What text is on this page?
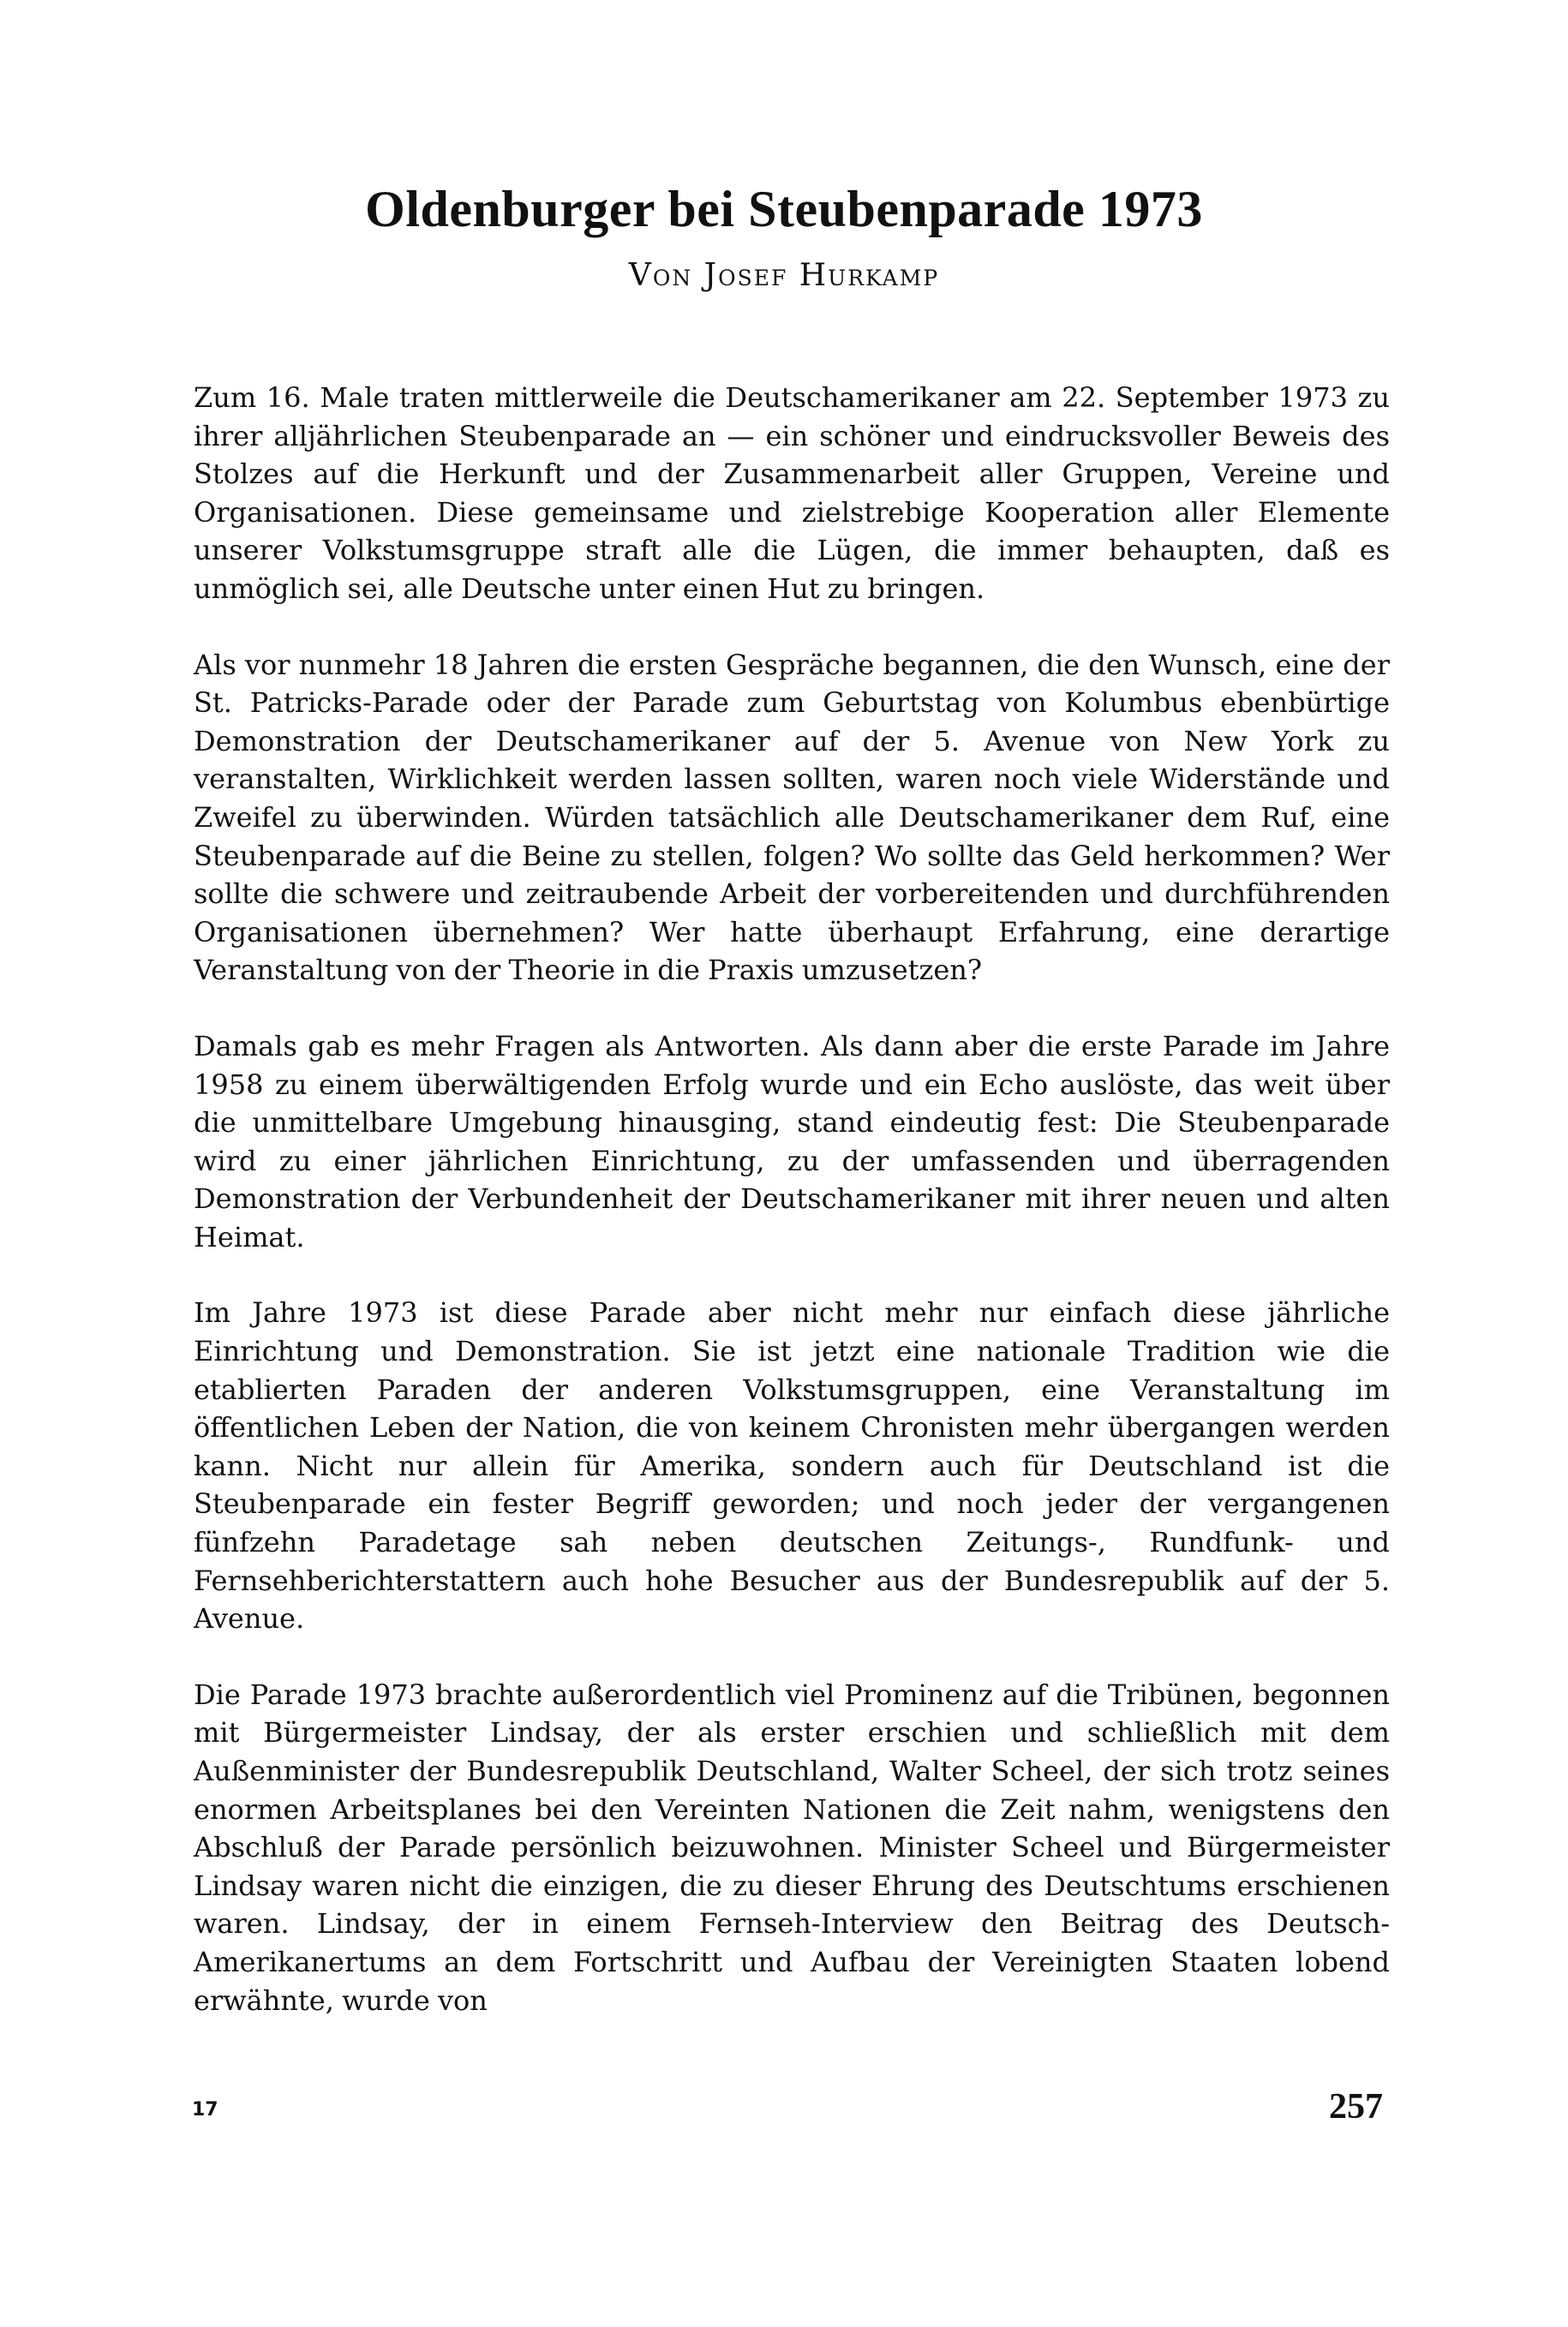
Oldenburger bei Steubenparade 1973
Von Josef Hurkamp

Zum 16. Male traten mittlerweile die Deutschamerikaner am 22. September 1973 zu ihrer alljährlichen Steubenparade an — ein schöner und eindrucksvoller Beweis des Stolzes auf die Herkunft und der Zusammenarbeit aller Gruppen, Vereine und Organisationen. Diese gemeinsame und zielstrebige Kooperation aller Elemente unserer Volkstumsgruppe straft alle die Lügen, die immer behaupten, daß es unmöglich sei, alle Deutsche unter einen Hut zu bringen.

Als vor nunmehr 18 Jahren die ersten Gespräche begannen, die den Wunsch, eine der St. Patricks-Parade oder der Parade zum Geburtstag von Kolumbus ebenbürtige Demonstration der Deutschamerikaner auf der 5. Avenue von New York zu veranstalten, Wirklichkeit werden lassen sollten, waren noch viele Widerstände und Zweifel zu überwinden. Würden tatsächlich alle Deutschamerikaner dem Ruf, eine Steubenparade auf die Beine zu stellen, folgen? Wo sollte das Geld herkommen? Wer sollte die schwere und zeitraubende Arbeit der vorbereitenden und durchführenden Organisationen übernehmen? Wer hatte überhaupt Erfahrung, eine derartige Veranstaltung von der Theorie in die Praxis umzusetzen?

Damals gab es mehr Fragen als Antworten. Als dann aber die erste Parade im Jahre 1958 zu einem überwältigenden Erfolg wurde und ein Echo auslöste, das weit über die unmittelbare Umgebung hinausging, stand eindeutig fest: Die Steubenparade wird zu einer jährlichen Einrichtung, zu der umfassenden und überragenden Demonstration der Verbundenheit der Deutschamerikaner mit ihrer neuen und alten Heimat.

Im Jahre 1973 ist diese Parade aber nicht mehr nur einfach diese jährliche Einrichtung und Demonstration. Sie ist jetzt eine nationale Tradition wie die etablierten Paraden der anderen Volkstumsgruppen, eine Veranstaltung im öffentlichen Leben der Nation, die von keinem Chronisten mehr übergangen werden kann. Nicht nur allein für Amerika, sondern auch für Deutschland ist die Steubenparade ein fester Begriff geworden; und noch jeder der vergangenen fünfzehn Paradetage sah neben deutschen Zeitungs-, Rundfunk- und Fernsehberichterstattern auch hohe Besucher aus der Bundesrepublik auf der 5. Avenue.

Die Parade 1973 brachte außerordentlich viel Prominenz auf die Tribünen, begonnen mit Bürgermeister Lindsay, der als erster erschien und schließlich mit dem Außenminister der Bundesrepublik Deutschland, Walter Scheel, der sich trotz seines enormen Arbeitsplanes bei den Vereinten Nationen die Zeit nahm, wenigstens den Abschluß der Parade persönlich beizuwohnen. Minister Scheel und Bürgermeister Lindsay waren nicht die einzigen, die zu dieser Ehrung des Deutschtums erschienen waren. Lindsay, der in einem Fernseh-Interview den Beitrag des Deutsch-Amerikanertums an dem Fortschritt und Aufbau der Vereinigten Staaten lobend erwähnte, wurde von

17	257
